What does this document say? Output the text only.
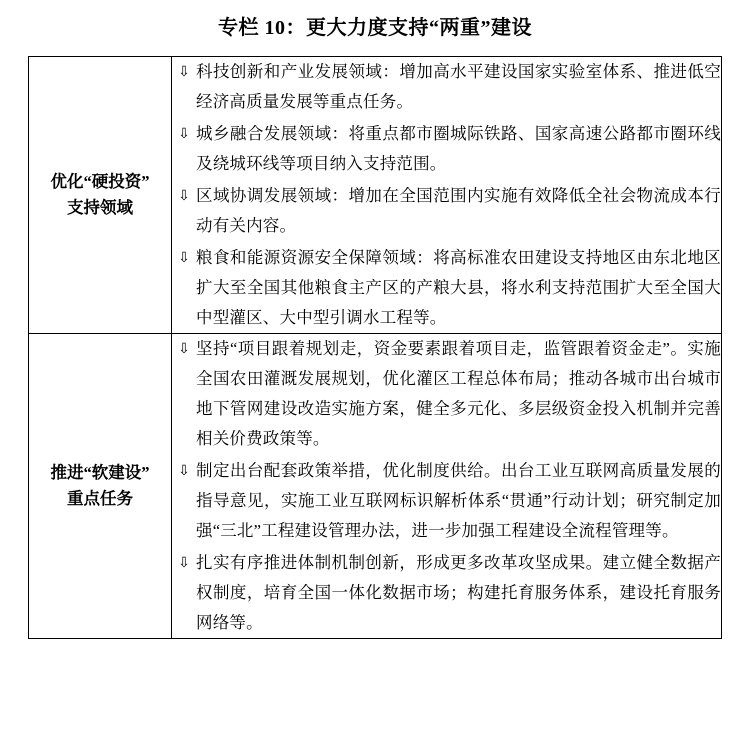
专栏 10：更大力度支持“两重”建设
优化“硬投资”
支持领域

⇩ 科技创新和产业发展领域：增加高水平建设国家实验室体系、推进低空经济高质量发展等重点任务。
⇩ 城乡融合发展领域：将重点都市圈城际铁路、国家高速公路都市圈环线及绕城环线等项目纳入支持范围。
⇩ 区域协调发展领域：增加在全国范围内实施有效降低全社会物流成本行动有关内容。
⇩ 粮食和能源资源安全保障领域：将高标准农田建设支持地区由东北地区扩大至全国其他粮食主产区的产粮大县，将水利支持范围扩大至全国大中型灌区、大中型引调水工程等。

推进“软建设”
重点任务

⇩ 坚持“项目跟着规划走，资金要素跟着项目走，监管跟着资金走”。实施全国农田灌溉发展规划，优化灌区工程总体布局；推动各城市出台城市地下管网建设改造实施方案，健全多元化、多层级资金投入机制并完善相关价费政策等。
⇩ 制定出台配套政策举措，优化制度供给。出台工业互联网高质量发展的指导意见，实施工业互联网标识解析体系“贯通”行动计划；研究制定加强“三北”工程建设管理办法，进一步加强工程建设全流程管理等。
⇩ 扎实有序推进体制机制创新，形成更多改革攻坚成果。建立健全数据产权制度，培育全国一体化数据市场；构建托育服务体系，建设托育服务网络等。
